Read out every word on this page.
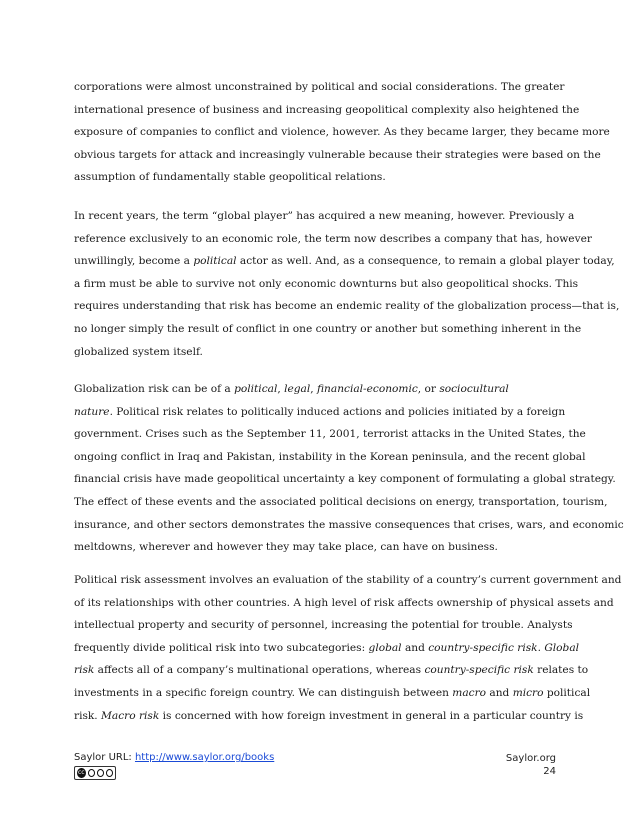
corporations were almost unconstrained by political and social considerations. The greater
international presence of business and increasing geopolitical complexity also heightened the
exposure of companies to conflict and violence, however. As they became larger, they became more
obvious targets for attack and increasingly vulnerable because their strategies were based on the
assumption of fundamentally stable geopolitical relations.
In recent years, the term “global player” has acquired a new meaning, however. Previously a
reference exclusively to an economic role, the term now describes a company that has, however
unwillingly, become a political actor as well. And, as a consequence, to remain a global player today,
a firm must be able to survive not only economic downturns but also geopolitical shocks. This
requires understanding that risk has become an endemic reality of the globalization process—that is,
no longer simply the result of conflict in one country or another but something inherent in the
globalized system itself.
Globalization risk can be of a political, legal, financial-economic, or sociocultural
nature. Political risk relates to politically induced actions and policies initiated by a foreign
government. Crises such as the September 11, 2001, terrorist attacks in the United States, the
ongoing conflict in Iraq and Pakistan, instability in the Korean peninsula, and the recent global
financial crisis have made geopolitical uncertainty a key component of formulating a global strategy.
The effect of these events and the associated political decisions on energy, transportation, tourism,
insurance, and other sectors demonstrates the massive consequences that crises, wars, and economic
meltdowns, wherever and however they may take place, can have on business.
Political risk assessment involves an evaluation of the stability of a country’s current government and
of its relationships with other countries. A high level of risk affects ownership of physical assets and
intellectual property and security of personnel, increasing the potential for trouble. Analysts
frequently divide political risk into two subcategories: global and country-specific risk. Global
risk affects all of a company’s multinational operations, whereas country-specific risk relates to
investments in a specific foreign country. We can distinguish between macro and micro political
risk. Macro risk is concerned with how foreign investment in general in a particular country is
Saylor URL: http://www.saylor.org/books
cc
Saylor.org
24
